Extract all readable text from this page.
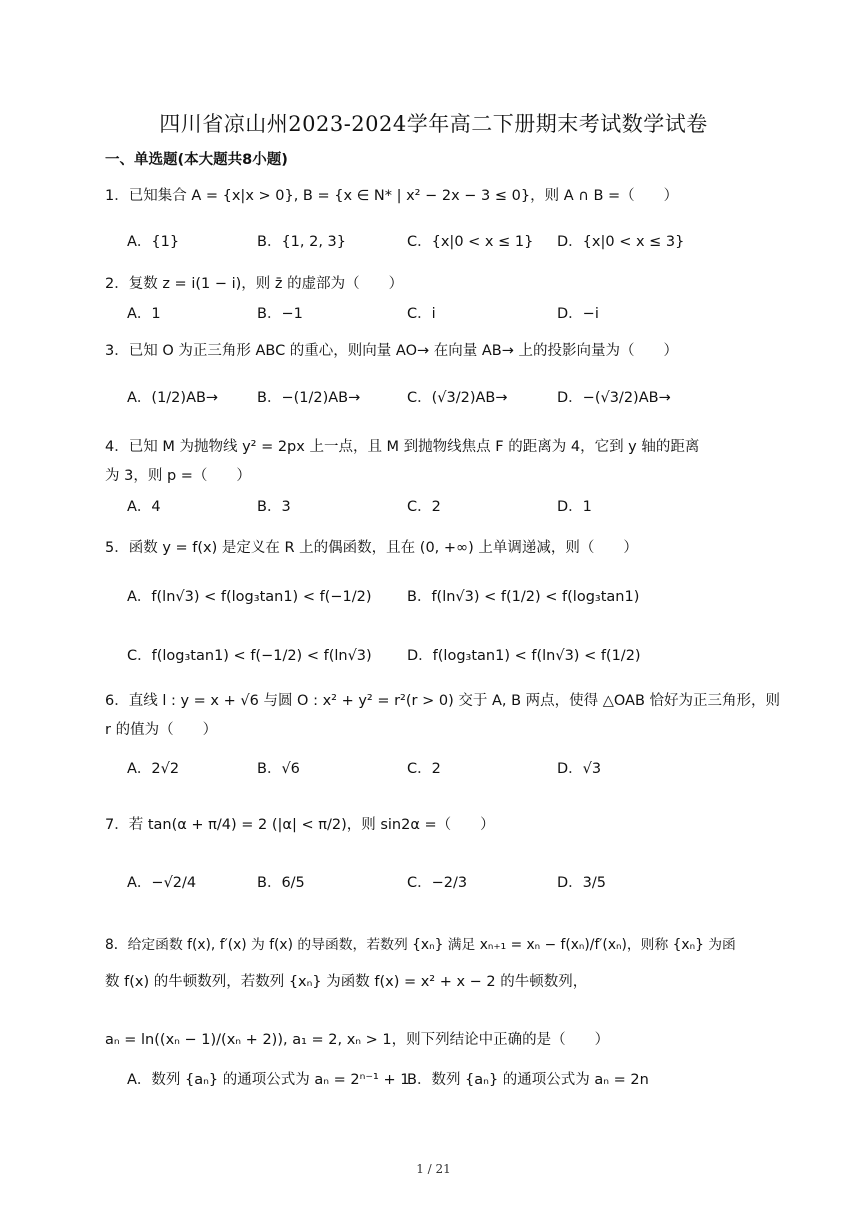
四川省凉山州2023-2024学年高二下册期末考试数学试卷
一、单选题(本大题共8小题)
1．已知集合 A = {x|x > 0}, B = {x ∈ N* | x² − 2x − 3 ≤ 0}，则 A ∩ B =（　　）
A．{1}	B．{1, 2, 3}	C．{x|0 < x ≤ 1} D．{x|0 < x ≤ 3}
2．复数 z = i(1 − i)，则 z̄ 的虚部为（　　）
A．1	B．−1	C．i	D．−i
3．已知 O 为正三角形 ABC 的重心，则向量 AO→ 在向量 AB→ 上的投影向量为（　　）
A．(1/2)AB→	B．−(1/2)AB→	C．(√3/2)AB→	D．−(√3/2)AB→
4．已知 M 为抛物线 y² = 2px 上一点，且 M 到抛物线焦点 F 的距离为 4，它到 y 轴的距离
为 3，则 p =（　　）
A．4	B．3	C．2	D．1
5．函数 y = f(x) 是定义在 R 上的偶函数，且在 (0, +∞) 上单调递减，则（　　）
A．f(ln√3) < f(log₃tan1) < f(−1/2) B．f(ln√3) < f(1/2) < f(log₃tan1)
C．f(log₃tan1) < f(−1/2) < f(ln√3) D．f(log₃tan1) < f(ln√3) < f(1/2)
6．直线 l : y = x + √6 与圆 O : x² + y² = r²(r > 0) 交于 A, B 两点，使得 △OAB 恰好为正三角形，则
r 的值为（　　）
A．2√2	B．√6	C．2	D．√3
7．若 tan(α + π/4) = 2 (|α| < π/2)，则 sin2α =（　　）
A．−√2/4	B．6/5	C．−2/3	D．3/5
8．给定函数 f(x), f′(x) 为 f(x) 的导函数，若数列 {xₙ} 满足 xₙ₊₁ = xₙ − f(xₙ)/f′(xₙ)，则称 {xₙ} 为函
数 f(x) 的牛顿数列，若数列 {xₙ} 为函数 f(x) = x² + x − 2 的牛顿数列，
aₙ = ln((xₙ − 1)/(xₙ + 2)), a₁ = 2, xₙ > 1，则下列结论中正确的是（　　）
A．数列 {aₙ} 的通项公式为 aₙ = 2ⁿ⁻¹ + 1
B．数列 {aₙ} 的通项公式为 aₙ = 2n
1 / 21
